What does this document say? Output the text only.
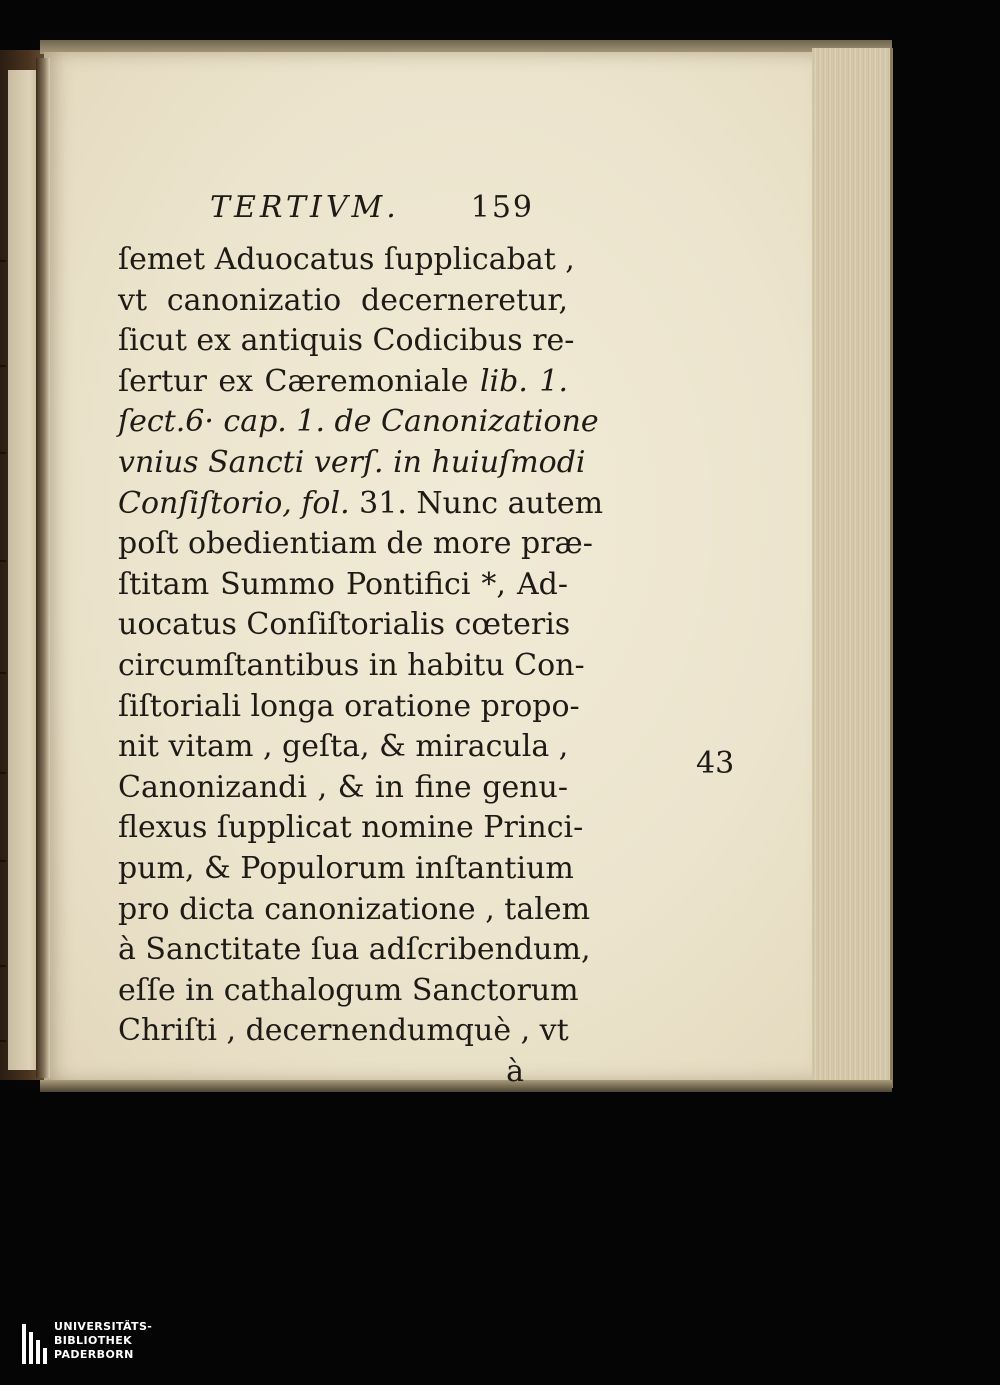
TERTIVM. 159
ſemet Aduocatus ſupplicabat ,
vt canonizatio decerneretur,
ſicut ex antiquis Codicibus re-
ſertur ex Cæremoniale lib. 1.
ſect.6· cap. 1. de Canonizatione
vnius Sancti verſ. in huiuſmodi
Conſiſtorio, fol. 31. Nunc autem
poſt obedientiam de more præ-
ſtitam Summo Pontifici *, Ad-
uocatus Conſiſtorialis cœteris
circumſtantibus in habitu Con-
ſiſtoriali longa oratione propo-
nit vitam , geſta, & miracula ,
Canonizandi , & in fine genu-
flexus ſupplicat nomine Princi-
pum, & Populorum inſtantium
pro dicta canonizatione , talem
à Sanctitate ſua adſcribendum,
eſſe in cathalogum Sanctorum
Chriſti , decernendumquè , vt
à
43
UNIVERSITÄTS-
BIBLIOTHEK
PADERBORN
